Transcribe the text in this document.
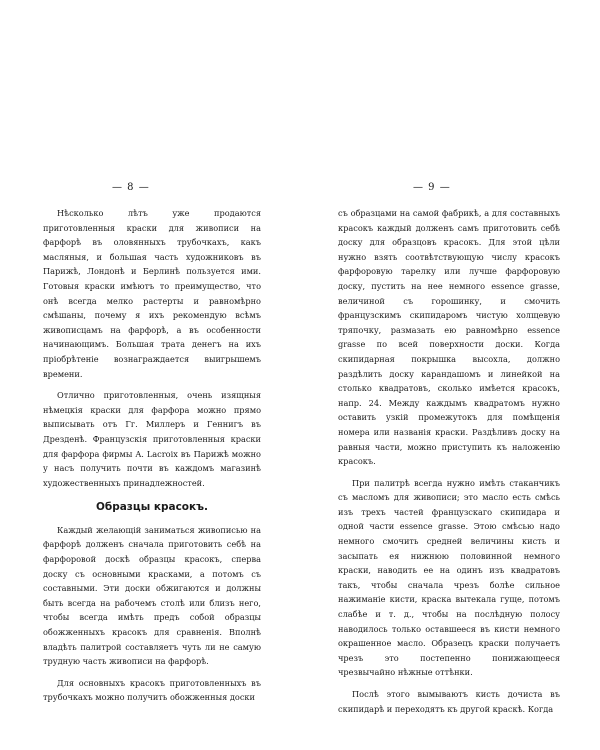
— 8 —

Нѣсколько лѣтъ уже продаются приготовленныя краски для живописи на фарфорѣ въ оловянныхъ трубочкахъ, какъ масляныя, и большая часть художниковъ въ Парижѣ, Лондонѣ и Берлинѣ пользуется ими. Готовыя краски имѣютъ то преимущество, что онѣ всегда мелко растерты и равномѣрно смѣшаны, почему я ихъ рекомендую всѣмъ живописцамъ на фарфорѣ, а въ особенности начинающимъ. Большая трата денегъ на ихъ пріобрѣтеніе вознаграждается выигрышемъ времени.

Отлично приготовленныя, очень изящныя нѣмецкія краски для фарфора можно прямо выписывать отъ Гг. Миллеръ и Геннигъ въ Дрезденѣ. Французскія приготовленныя краски для фарфора фирмы A. Lacroix въ Парижѣ можно у насъ получить почти въ каждомъ магазинѣ художественныхъ принадлежностей.

Образцы красокъ.

Каждый желающій заниматься живописью на фарфорѣ долженъ сначала приготовить себѣ на фарфоровой доскѣ образцы красокъ, сперва доску съ основными красками, а потомъ съ составными. Эти доски обжигаются и должны быть всегда на рабочемъ столѣ или близъ него, чтобы всегда имѣть предъ собой образцы обожженныхъ красокъ для сравненія. Вполнѣ владѣть палитрой составляетъ чуть ли не самую трудную часть живописи на фарфорѣ.

Для основныхъ красокъ приготовленныхъ въ трубочкахъ можно получить обожженныя доски

— 9 —

съ образцами на самой фабрикѣ, а для составныхъ красокъ каждый долженъ самъ приготовить себѣ доску для образцовъ красокъ. Для этой цѣли нужно взять соотвѣтствующую числу красокъ фарфоровую тарелку или лучше фарфоровую доску, пустить на нее немного essence grasse, величиной съ горошинку, и смочить французскимъ скипидаромъ чистую холщевую тряпочку, размазать ею равномѣрно essence grasse по всей поверхности доски. Когда скипидарная покрышка высохла, должно раздѣлить доску карандашомъ и линейкой на столько квадратовъ, сколько имѣется красокъ, напр. 24. Между каждымъ квадратомъ нужно оставить узкій промежутокъ для помѣщенія номера или названія краски. Раздѣливъ доску на равныя части, можно приступить къ наложенію красокъ.

При палитрѣ всегда нужно имѣть стаканчикъ съ масломъ для живописи; это масло есть смѣсь изъ трехъ частей французскаго скипидара и одной части essence grasse. Этою смѣсью надо немного смочить средней величины кисть и засыпать ея нижнюю половинной немного краски, наводить ее на одинъ изъ квадратовъ такъ, чтобы сначала чрезъ болѣе сильное нажиманіе кисти, краска вытекала гуще, потомъ слабѣе и т. д., чтобы на послѣдную полосу наводилось только оставшееся въ кисти немного окрашенное масло. Образецъ краски получаетъ чрезъ это постепенно понижающееся чрезвычайно нѣжные оттѣнки.

Послѣ этого вымываютъ кисть дочиста въ скипидарѣ и переходятъ къ другой краскѣ. Когда
